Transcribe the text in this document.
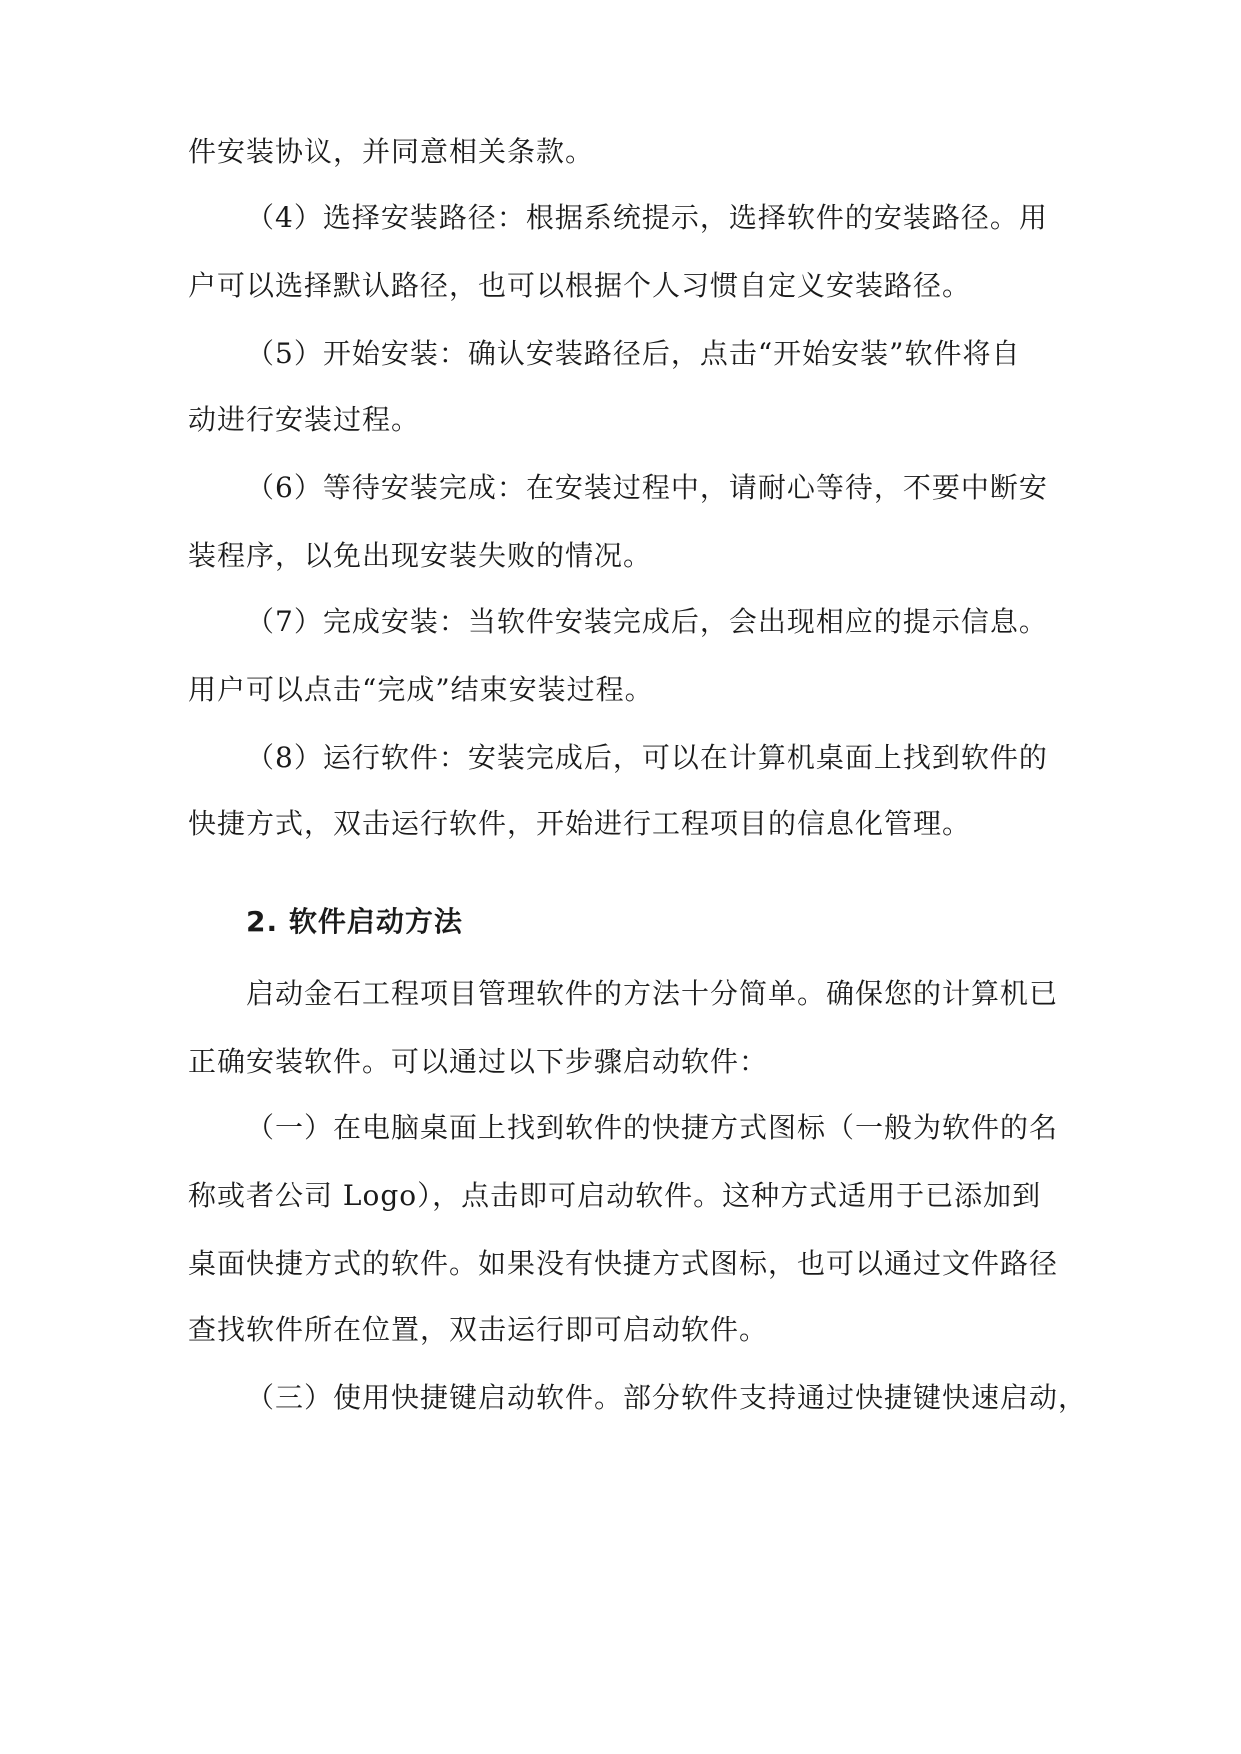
件安装协议，并同意相关条款。
（4）选择安装路径：根据系统提示，选择软件的安装路径。用
户可以选择默认路径，也可以根据个人习惯自定义安装路径。
（5）开始安装：确认安装路径后，点击“开始安装”软件将自
动进行安装过程。
（6）等待安装完成：在安装过程中，请耐心等待，不要中断安
装程序，以免出现安装失败的情况。
（7）完成安装：当软件安装完成后，会出现相应的提示信息。
用户可以点击“完成”结束安装过程。
（8）运行软件：安装完成后，可以在计算机桌面上找到软件的
快捷方式，双击运行软件，开始进行工程项目的信息化管理。
2. 软件启动方法
启动金石工程项目管理软件的方法十分简单。确保您的计算机已
正确安装软件。可以通过以下步骤启动软件：
（一）在电脑桌面上找到软件的快捷方式图标（一般为软件的名
称或者公司 Logo），点击即可启动软件。这种方式适用于已添加到
桌面快捷方式的软件。如果没有快捷方式图标，也可以通过文件路径
查找软件所在位置，双击运行即可启动软件。
（三）使用快捷键启动软件。部分软件支持通过快捷键快速启动，
